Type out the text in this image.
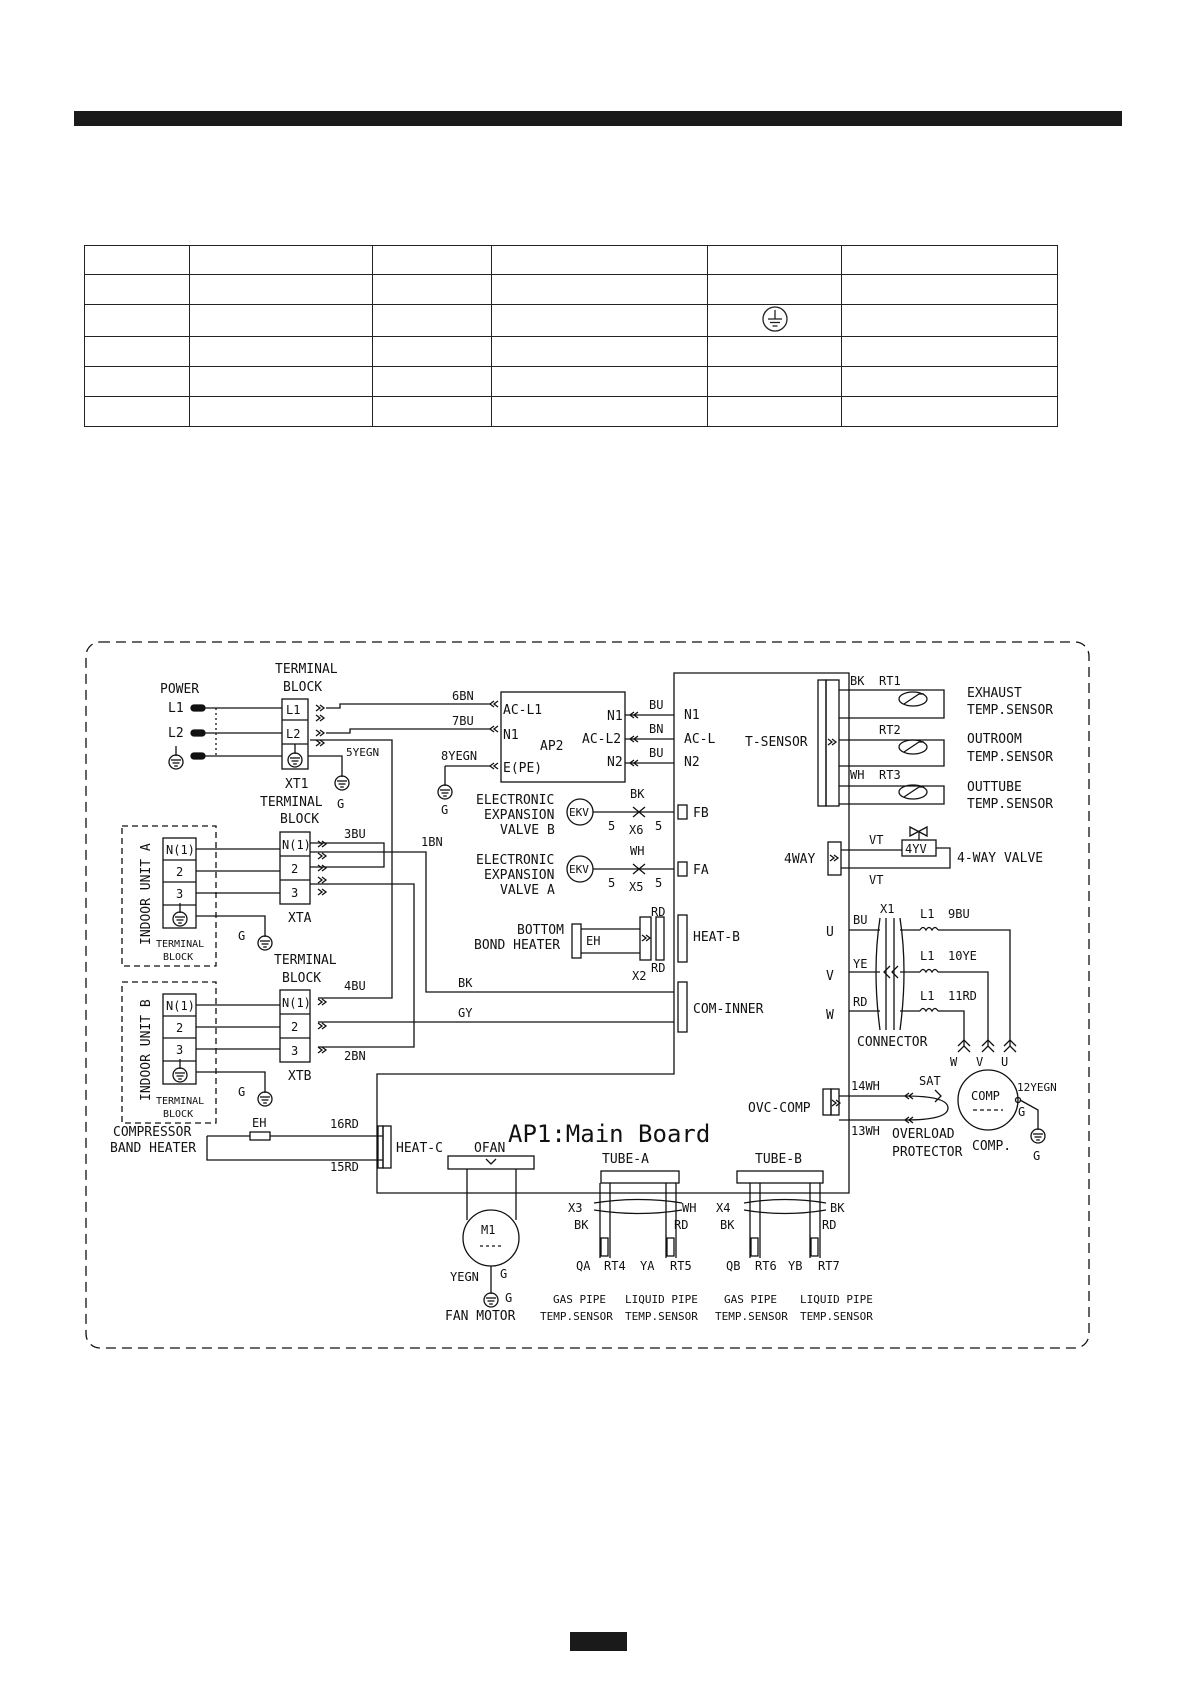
POWER
L1
L2
TERMINAL
BLOCK
L1
L2
XT1
5YEGN
G
AC-L1
N1
AP2
E(PE)
N1
AC-L2
N2
6BN
7BU
8YEGN
G
AP1:Main Board
BU
BN
BU
N1
AC-L
N2
ELECTRONIC
EXPANSION
VALVE B
EKV
BK
5 X6 5
FB
ELECTRONIC
EXPANSION
VALVE A
EKV
WH
5 X5 5
FA
TERMINAL
BLOCK
N(1)
2
3
XTA
3BU
INDOOR UNIT A N(1)
2
3
TERMINAL
BLOCK
G
TERMINAL
BLOCK
N(1)
2
3
XTB
4BU
2BN
INDOOR UNIT B N(1)
2
3
TERMINAL
BLOCK
G
1BN
BOTTOM
BOND HEATER EH
RD
RD
X2
HEAT-B
COM-INNER
BK
GY
COMPRESSOR
BAND HEATER
EH	16RD
15RD
HEAT-C OFAN
M1
YEGN G
G
FAN MOTOR
TUBE-A	TUBE-B
X3	X4
WH	BK
BK	RD	BK	RD
QA RT4 YA RT5	QB RT6 YB RT7
GAS PIPE LIQUID PIPE GAS PIPE LIQUID PIPE
TEMP.SENSOR TEMP.SENSOR TEMP.SENSOR TEMP.SENSOR
T-SENSOR
BK RT1
RT2
WH RT3
EXHAUST
TEMP.SENSOR
OUTROOM
TEMP.SENSOR
OUTTUBE
TEMP.SENSOR
4WAY
4YV
VT
VT
4-WAY VALVE
U
V
W
BU
YE
RD
X1 L1
L1
L1
9BU
10YE
11RD
CONNECTOR
W V U
COMP
12YEGN
G
G
COMP.
OVC-COMP
14WH
13WH
SAT
OVERLOAD
PROTECTOR
